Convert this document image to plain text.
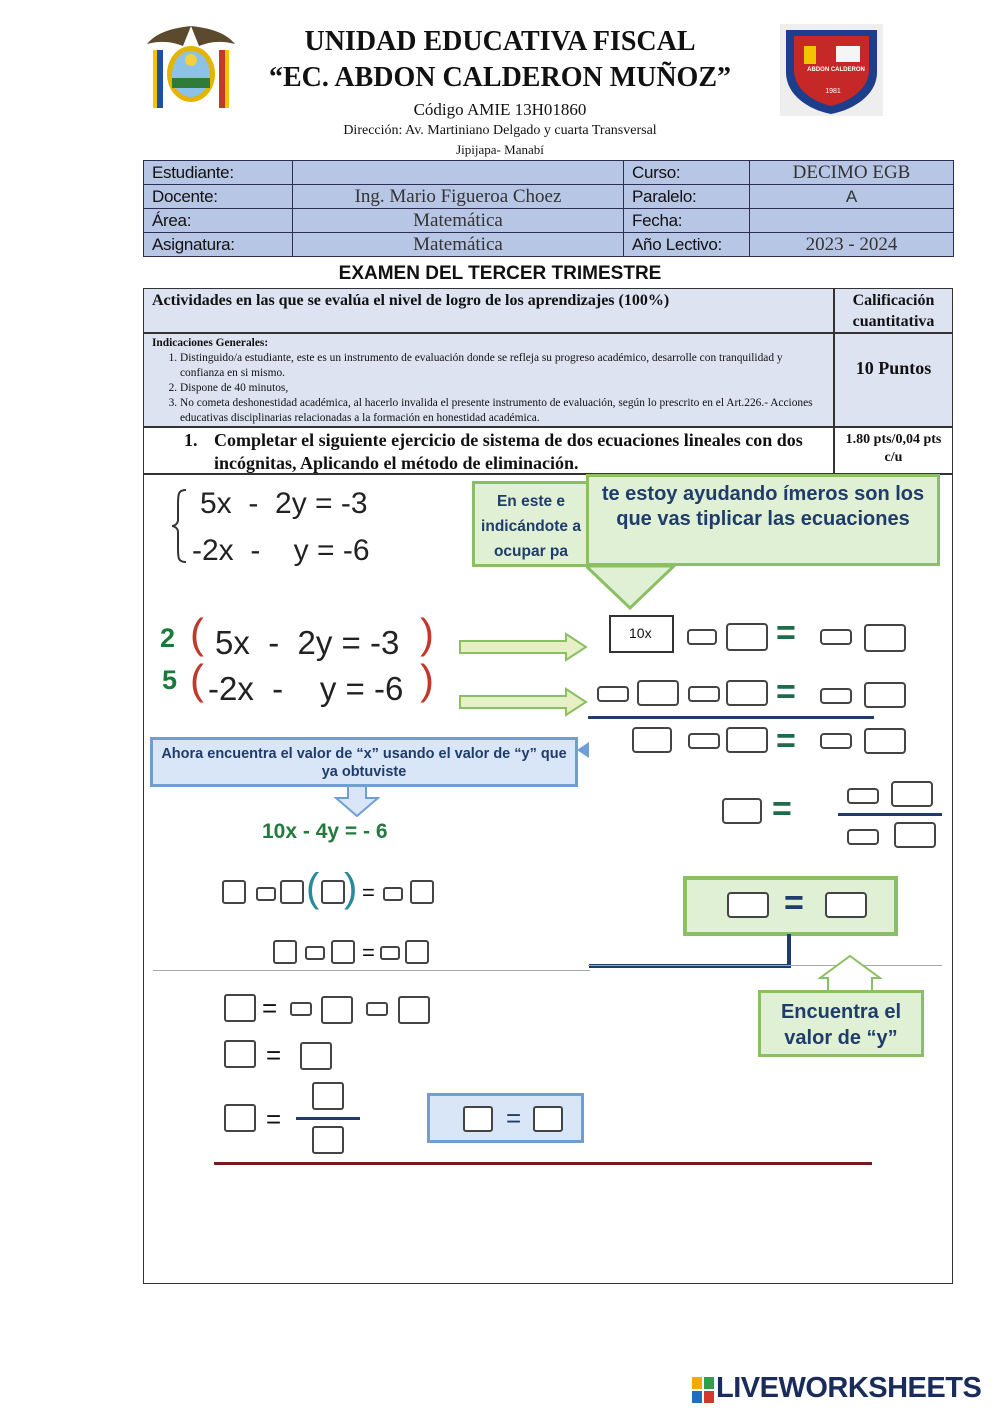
UNIDAD EDUCATIVA FISCAL
“EC. ABDON CALDERON MUÑOZ”
Código AMIE 13H01860
Dirección: Av. Martiniano Delgado y cuarta Transversal
Jipijapa- Manabí
ABDON CALDERON
1981
Estudiante:		Curso:	DECIMO EGB
Docente:	Ing. Mario Figueroa Choez	Paralelo:	A
Área:	Matemática	Fecha:	
Asignatura:	Matemática	Año Lectivo:	2023 - 2024
EXAMEN DEL TERCER TRIMESTRE
Actividades en las que se evalúa el nivel de logro de los aprendizajes (100%)	Calificación cuantitativa
Indicaciones Generales:
1. Distinguido/a estudiante, este es un instrumento de evaluación donde se refleja su progreso académico, desarrolle con tranquilidad y confianza en si mismo.
2. Dispone de 40 minutos,
3. No cometa deshonestidad académica, al hacerlo invalida el presente instrumento de evaluación, según lo prescrito en el Art.226.- Acciones educativas disciplinarias relacionadas a la formación en honestidad académica.
10 Puntos
1. Completar el siguiente ejercicio de sistema de dos ecuaciones lineales con dos incógnitas, Aplicando el método de eliminación.
1.80 pts/0,04 pts c/u
5x  -  2y = -3
-2x  -    y = -6
En este e indicándote a ocupar pa
te estoy ayudando ímeros son los que vas tiplicar las ecuaciones
2
5
(
(
)
)
5x  -  2y = -3
-2x  -    y = -6
10x	=
=
=
=
Ahora encuentra el valor de “x” usando el valor de “y” que ya obtuviste
10x - 4y = - 6
( ) =
=
=
Encuentra el valor de “y”
=
=
=	=
LIVEWORKSHEETS
